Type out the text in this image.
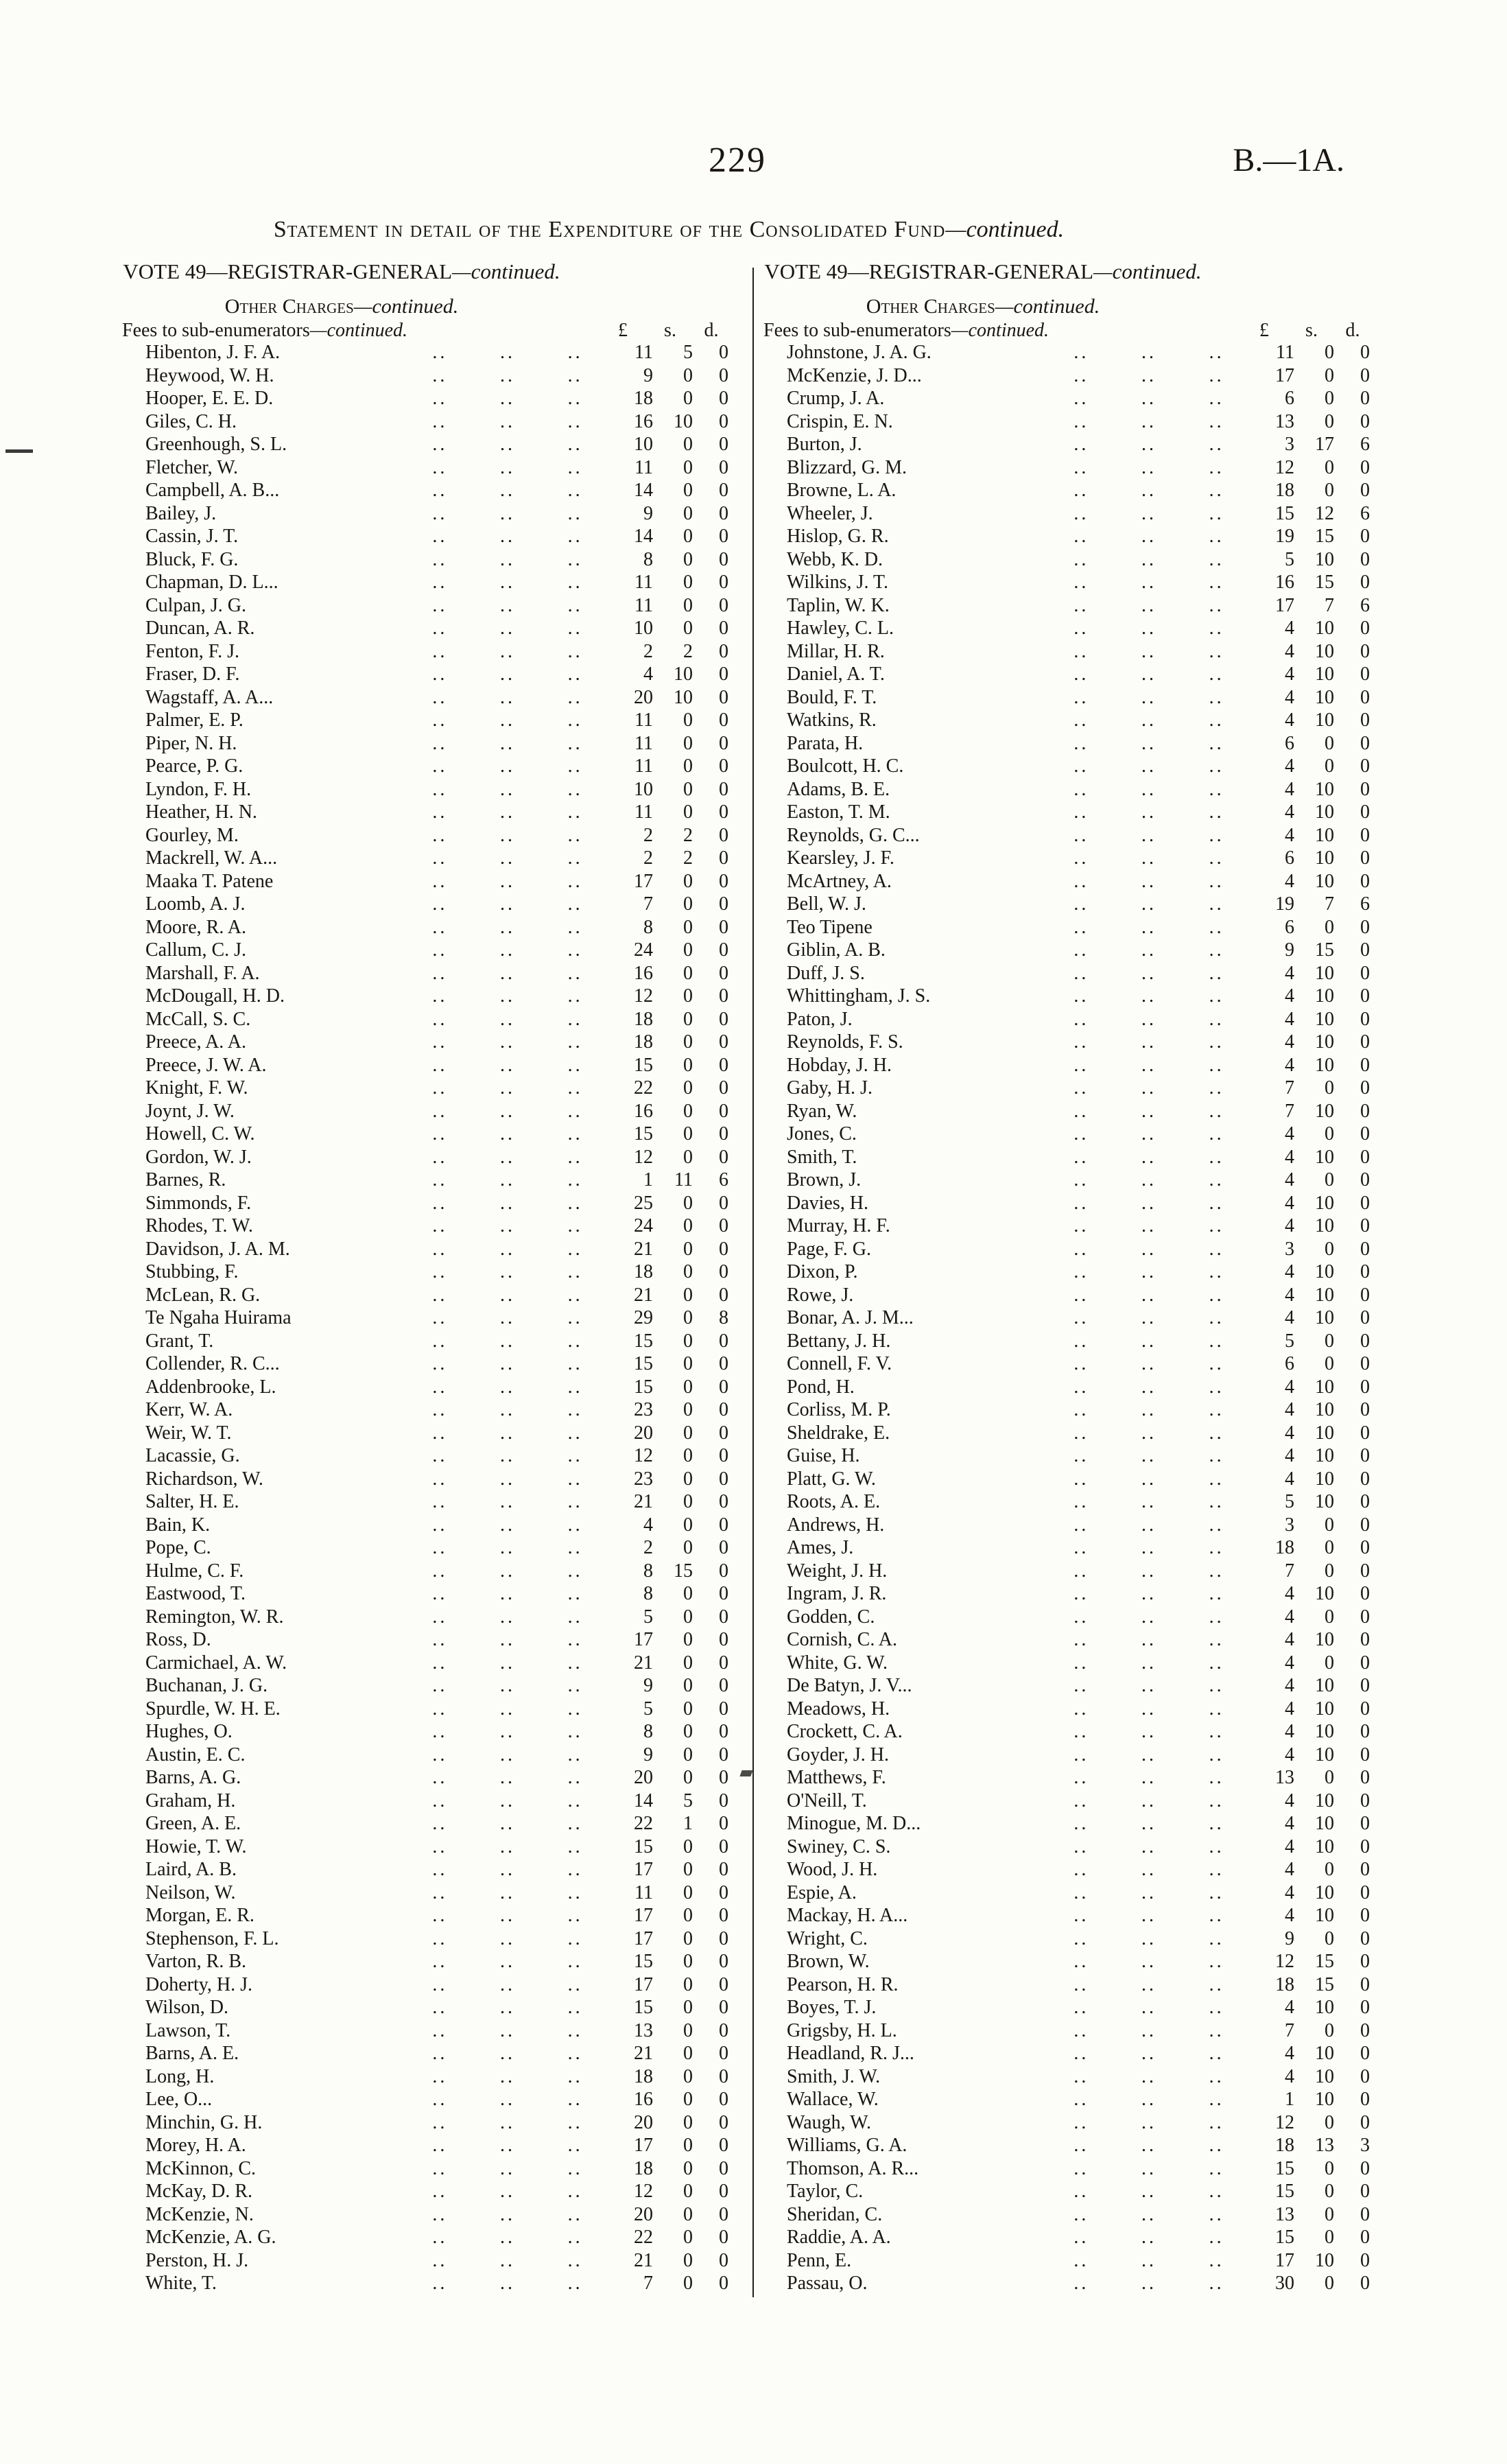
229	B.—1A.
Statement in detail of the Expenditure of the Consolidated Fund—continued.
VOTE 49—REGISTRAR-GENERAL—continued.
Other Charges—continued.
Fees to sub-enumerators—continued.	£	s.	d.
Hibenton, J. F. A.	..	..	..	11	5	0
Heywood, W. H.	..	..	..	9	0	0
Hooper, E. E. D.	..	..	..	18	0	0
Giles, C. H.	..	..	..	16	10	0
Greenhough, S. L.	..	..	..	10	0	0
Fletcher, W.	..	..	..	11	0	0
Campbell, A. B...	..	..	..	14	0	0
Bailey, J.	..	..	..	9	0	0
Cassin, J. T.	..	..	..	14	0	0
Bluck, F. G.	..	..	..	8	0	0
Chapman, D. L...	..	..	..	11	0	0
Culpan, J. G.	..	..	..	11	0	0
Duncan, A. R.	..	..	..	10	0	0
Fenton, F. J.	..	..	..	2	2	0
Fraser, D. F.	..	..	..	4	10	0
Wagstaff, A. A...	..	..	..	20	10	0
Palmer, E. P.	..	..	..	11	0	0
Piper, N. H.	..	..	..	11	0	0
Pearce, P. G.	..	..	..	11	0	0
Lyndon, F. H.	..	..	..	10	0	0
Heather, H. N.	..	..	..	11	0	0
Gourley, M.	..	..	..	2	2	0
Mackrell, W. A...	..	..	..	2	2	0
Maaka T. Patene	..	..	..	17	0	0
Loomb, A. J.	..	..	..	7	0	0
Moore, R. A.	..	..	..	8	0	0
Callum, C. J.	..	..	..	24	0	0
Marshall, F. A.	..	..	..	16	0	0
McDougall, H. D.	..	..	..	12	0	0
McCall, S. C.	..	..	..	18	0	0
Preece, A. A.	..	..	..	18	0	0
Preece, J. W. A.	..	..	..	15	0	0
Knight, F. W.	..	..	..	22	0	0
Joynt, J. W.	..	..	..	16	0	0
Howell, C. W.	..	..	..	15	0	0
Gordon, W. J.	..	..	..	12	0	0
Barnes, R.	..	..	..	1	11	6
Simmonds, F.	..	..	..	25	0	0
Rhodes, T. W.	..	..	..	24	0	0
Davidson, J. A. M.	..	..	..	21	0	0
Stubbing, F.	..	..	..	18	0	0
McLean, R. G.	..	..	..	21	0	0
Te Ngaha Huirama	..	..	..	29	0	8
Grant, T.	..	..	..	15	0	0
Collender, R. C...	..	..	..	15	0	0
Addenbrooke, L.	..	..	..	15	0	0
Kerr, W. A.	..	..	..	23	0	0
Weir, W. T.	..	..	..	20	0	0
Lacassie, G.	..	..	..	12	0	0
Richardson, W.	..	..	..	23	0	0
Salter, H. E.	..	..	..	21	0	0
Bain, K.	..	..	..	4	0	0
Pope, C.	..	..	..	2	0	0
Hulme, C. F.	..	..	..	8	15	0
Eastwood, T.	..	..	..	8	0	0
Remington, W. R.	..	..	..	5	0	0
Ross, D.	..	..	..	17	0	0
Carmichael, A. W.	..	..	..	21	0	0
Buchanan, J. G.	..	..	..	9	0	0
Spurdle, W. H. E.	..	..	..	5	0	0
Hughes, O.	..	..	..	8	0	0
Austin, E. C.	..	..	..	9	0	0
Barns, A. G.	..	..	..	20	0	0
Graham, H.	..	..	..	14	5	0
Green, A. E.	..	..	..	22	1	0
Howie, T. W.	..	..	..	15	0	0
Laird, A. B.	..	..	..	17	0	0
Neilson, W.	..	..	..	11	0	0
Morgan, E. R.	..	..	..	17	0	0
Stephenson, F. L.	..	..	..	17	0	0
Varton, R. B.	..	..	..	15	0	0
Doherty, H. J.	..	..	..	17	0	0
Wilson, D.	..	..	..	15	0	0
Lawson, T.	..	..	..	13	0	0
Barns, A. E.	..	..	..	21	0	0
Long, H.	..	..	..	18	0	0
Lee, O...	..	..	..	16	0	0
Minchin, G. H.	..	..	..	20	0	0
Morey, H. A.	..	..	..	17	0	0
McKinnon, C.	..	..	..	18	0	0
McKay, D. R.	..	..	..	12	0	0
McKenzie, N.	..	..	..	20	0	0
McKenzie, A. G.	..	..	..	22	0	0
Perston, H. J.	..	..	..	21	0	0
White, T.	..	..	..	7	0	0
VOTE 49—REGISTRAR-GENERAL—continued.
Other Charges—continued.
Fees to sub-enumerators—continued.	£	s.	d.
Johnstone, J. A. G.	..	..	..	11	0	0
McKenzie, J. D...	..	..	..	17	0	0
Crump, J. A.	..	..	..	6	0	0
Crispin, E. N.	..	..	..	13	0	0
Burton, J.	..	..	..	3	17	6
Blizzard, G. M.	..	..	..	12	0	0
Browne, L. A.	..	..	..	18	0	0
Wheeler, J.	..	..	..	15	12	6
Hislop, G. R.	..	..	..	19	15	0
Webb, K. D.	..	..	..	5	10	0
Wilkins, J. T.	..	..	..	16	15	0
Taplin, W. K.	..	..	..	17	7	6
Hawley, C. L.	..	..	..	4	10	0
Millar, H. R.	..	..	..	4	10	0
Daniel, A. T.	..	..	..	4	10	0
Bould, F. T.	..	..	..	4	10	0
Watkins, R.	..	..	..	4	10	0
Parata, H.	..	..	..	6	0	0
Boulcott, H. C.	..	..	..	4	0	0
Adams, B. E.	..	..	..	4	10	0
Easton, T. M.	..	..	..	4	10	0
Reynolds, G. C...	..	..	..	4	10	0
Kearsley, J. F.	..	..	..	6	10	0
McArtney, A.	..	..	..	4	10	0
Bell, W. J.	..	..	..	19	7	6
Teo Tipene	..	..	..	6	0	0
Giblin, A. B.	..	..	..	9	15	0
Duff, J. S.	..	..	..	4	10	0
Whittingham, J. S.	..	..	..	4	10	0
Paton, J.	..	..	..	4	10	0
Reynolds, F. S.	..	..	..	4	10	0
Hobday, J. H.	..	..	..	4	10	0
Gaby, H. J.	..	..	..	7	0	0
Ryan, W.	..	..	..	7	10	0
Jones, C.	..	..	..	4	0	0
Smith, T.	..	..	..	4	10	0
Brown, J.	..	..	..	4	0	0
Davies, H.	..	..	..	4	10	0
Murray, H. F.	..	..	..	4	10	0
Page, F. G.	..	..	..	3	0	0
Dixon, P.	..	..	..	4	10	0
Rowe, J.	..	..	..	4	10	0
Bonar, A. J. M...	..	..	..	4	10	0
Bettany, J. H.	..	..	..	5	0	0
Connell, F. V.	..	..	..	6	0	0
Pond, H.	..	..	..	4	10	0
Corliss, M. P.	..	..	..	4	10	0
Sheldrake, E.	..	..	..	4	10	0
Guise, H.	..	..	..	4	10	0
Platt, G. W.	..	..	..	4	10	0
Roots, A. E.	..	..	..	5	10	0
Andrews, H.	..	..	..	3	0	0
Ames, J.	..	..	..	18	0	0
Weight, J. H.	..	..	..	7	0	0
Ingram, J. R.	..	..	..	4	10	0
Godden, C.	..	..	..	4	0	0
Cornish, C. A.	..	..	..	4	10	0
White, G. W.	..	..	..	4	0	0
De Batyn, J. V...	..	..	..	4	10	0
Meadows, H.	..	..	..	4	10	0
Crockett, C. A.	..	..	..	4	10	0
Goyder, J. H.	..	..	..	4	10	0
Matthews, F.	..	..	..	13	0	0
O'Neill, T.	..	..	..	4	10	0
Minogue, M. D...	..	..	..	4	10	0
Swiney, C. S.	..	..	..	4	10	0
Wood, J. H.	..	..	..	4	0	0
Espie, A.	..	..	..	4	10	0
Mackay, H. A...	..	..	..	4	10	0
Wright, C.	..	..	..	9	0	0
Brown, W.	..	..	..	12	15	0
Pearson, H. R.	..	..	..	18	15	0
Boyes, T. J.	..	..	..	4	10	0
Grigsby, H. L.	..	..	..	7	0	0
Headland, R. J...	..	..	..	4	10	0
Smith, J. W.	..	..	..	4	10	0
Wallace, W.	..	..	..	1	10	0
Waugh, W.	..	..	..	12	0	0
Williams, G. A.	..	..	..	18	13	3
Thomson, A. R...	..	..	..	15	0	0
Taylor, C.	..	..	..	15	0	0
Sheridan, C.	..	..	..	13	0	0
Raddie, A. A.	..	..	..	15	0	0
Penn, E.	..	..	..	17	10	0
Passau, O.	..	..	..	30	0	0
